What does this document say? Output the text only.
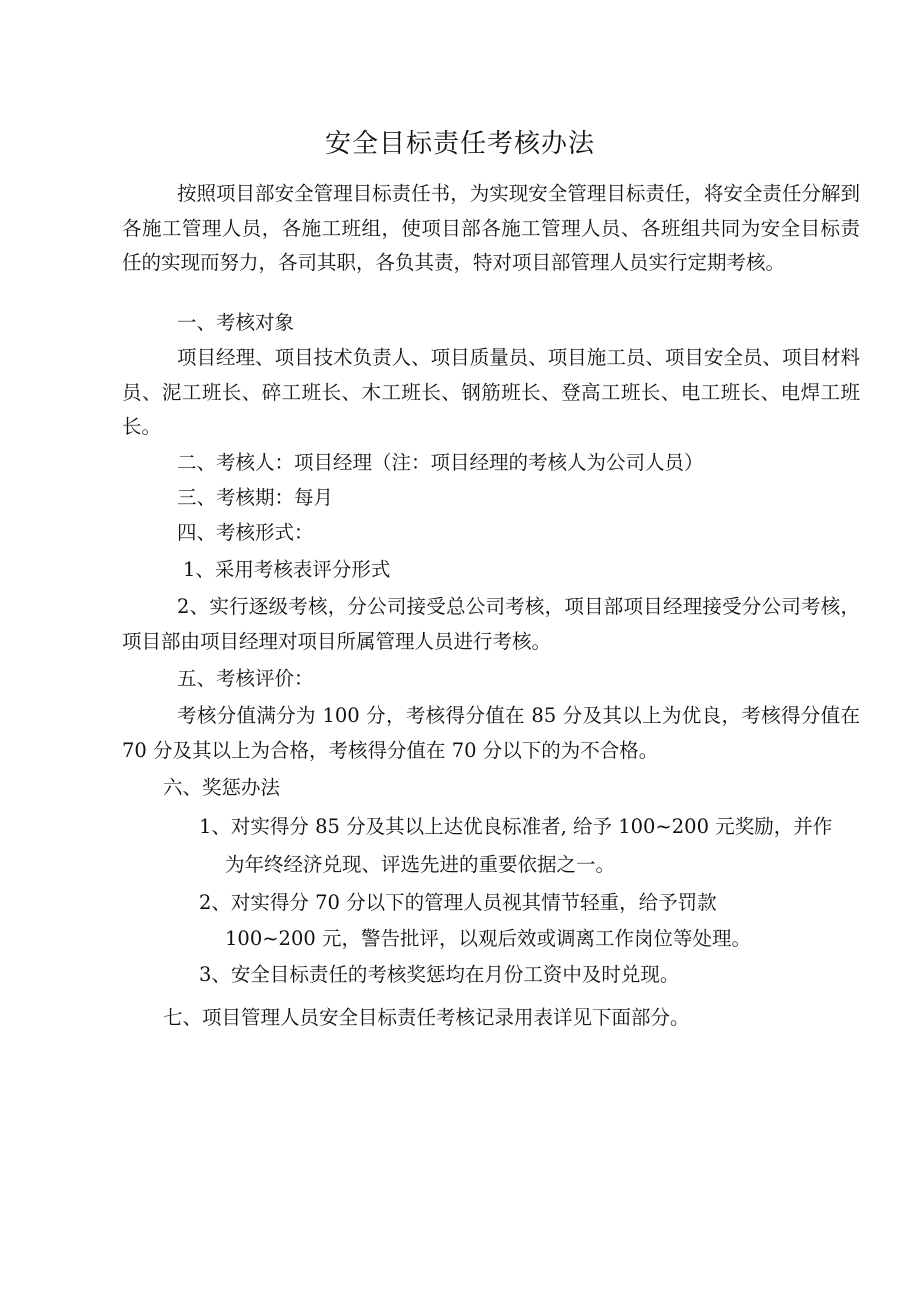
安全目标责任考核办法

按照项目部安全管理目标责任书，为实现安全管理目标责任，将安全责任分解到各施工管理人员，各施工班组，使项目部各施工管理人员、各班组共同为安全目标责任的实现而努力，各司其职，各负其责，特对项目部管理人员实行定期考核。

一、考核对象

项目经理、项目技术负责人、项目质量员、项目施工员、项目安全员、项目材料员、泥工班长、碎工班长、木工班长、钢筋班长、登高工班长、电工班长、电焊工班长。

二、考核人：项目经理（注：项目经理的考核人为公司人员）
三、考核期：每月
四、考核形式：
1、采用考核表评分形式

2、实行逐级考核，分公司接受总公司考核，项目部项目经理接受分公司考核，项目部由项目经理对项目所属管理人员进行考核。

五、考核评价：

考核分值满分为 100 分，考核得分值在 85 分及其以上为优良，考核得分值在 70 分及其以上为合格，考核得分值在 70 分以下的为不合格。

六、奖惩办法
1、对实得分 85 分及其以上达优良标准者, 给予 100~200 元奖励，并作
为年终经济兑现、评选先进的重要依据之一。
2、对实得分 70 分以下的管理人员视其情节轻重，给予罚款
100~200 元，警告批评，以观后效或调离工作岗位等处理。
3、安全目标责任的考核奖惩均在月份工资中及时兑现。
七、项目管理人员安全目标责任考核记录用表详见下面部分。
